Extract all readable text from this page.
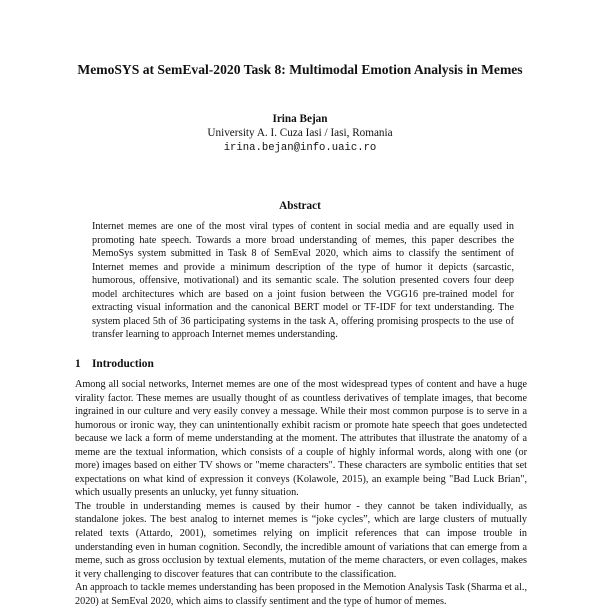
MemoSYS at SemEval-2020 Task 8: Multimodal Emotion Analysis in Memes
Irina Bejan
University A. I. Cuza Iasi / Iasi, Romania
irina.bejan@info.uaic.ro
Abstract

Internet memes are one of the most viral types of content in social media and are equally used in promoting hate speech. Towards a more broad understanding of memes, this paper describes the MemoSys system submitted in Task 8 of SemEval 2020, which aims to classify the sentiment of Internet memes and provide a minimum description of the type of humor it depicts (sarcastic, humorous, offensive, motivational) and its semantic scale. The solution presented covers four deep model architectures which are based on a joint fusion between the VGG16 pre-trained model for extracting visual information and the canonical BERT model or TF-IDF for text understanding. The system placed 5th of 36 participating systems in the task A, offering promising prospects to the use of transfer learning to approach Internet memes understanding.

1 Introduction

Among all social networks, Internet memes are one of the most widespread types of content and have a huge virality factor. These memes are usually thought of as countless derivatives of template images, that become ingrained in our culture and very easily convey a message. While their most common purpose is to serve in a humorous or ironic way, they can unintentionally exhibit racism or promote hate speech that goes undetected because we lack a form of meme understanding at the moment. The attributes that illustrate the anatomy of a meme are the textual information, which consists of a couple of highly informal words, along with one (or more) images based on either TV shows or "meme characters". These characters are symbolic entities that set expectations on what kind of expression it conveys (Kolawole, 2015), an example being "Bad Luck Brian", which usually presents an unlucky, yet funny situation.

The trouble in understanding memes is caused by their humor - they cannot be taken individually, as standalone jokes. The best analog to internet memes is “joke cycles”, which are large clusters of mutually related texts (Attardo, 2001), sometimes relying on implicit references that can impose trouble in understanding even in human cognition. Secondly, the incredible amount of variations that can emerge from a meme, such as gross occlusion by textual elements, mutation of the meme characters, or even collages, makes it very challenging to discover features that can contribute to the classification.

An approach to tackle memes understanding has been proposed in the Memotion Analysis Task (Sharma et al., 2020) at SemEval 2020, which aims to classify sentiment and the type of humor of memes.
